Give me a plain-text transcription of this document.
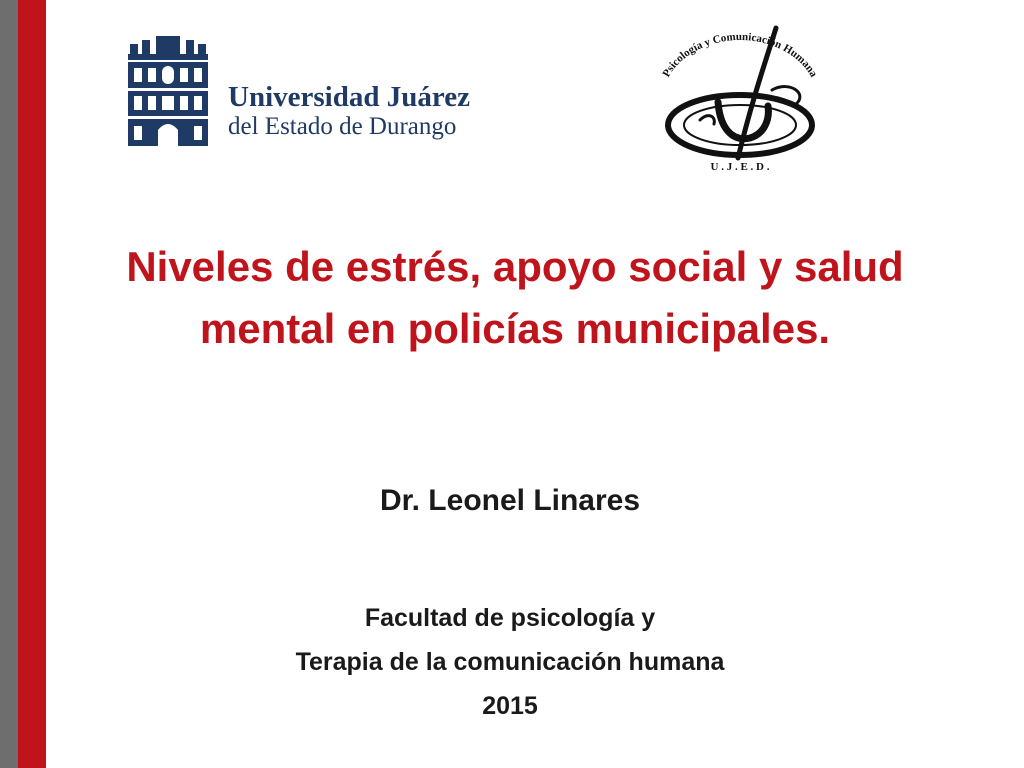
Universidad Juárez
del Estado de Durango
Psicología y Comunicación Humana
U . J . E . D .
Niveles de estrés, apoyo social y salud mental en policías municipales.
Dr. Leonel Linares
Facultad de psicología y
Terapia de la comunicación humana
2015
